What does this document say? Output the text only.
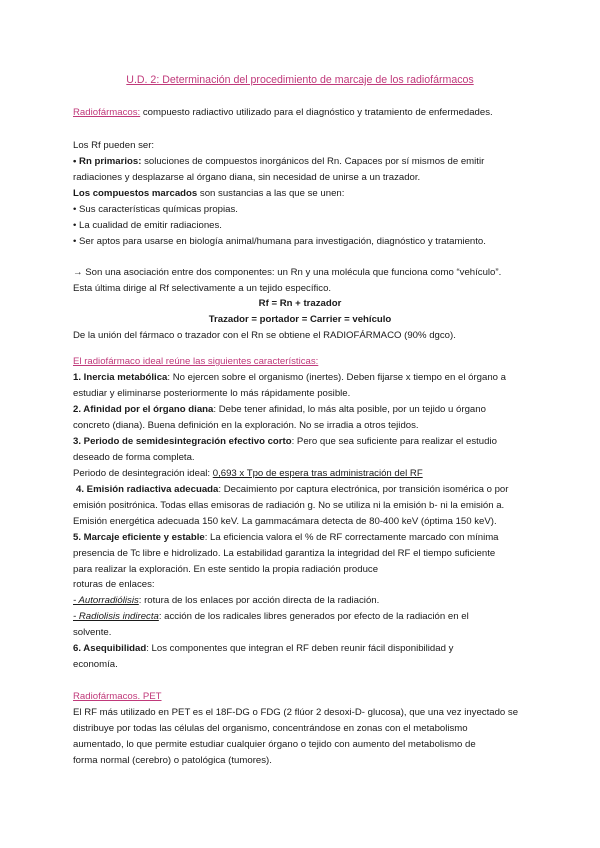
U.D. 2: Determinación del procedimiento de marcaje de los radiofármacos
Radiofármacos: compuesto radiactivo utilizado para el diagnóstico y tratamiento de enfermedades.
Los Rf pueden ser:
• Rn primarios: soluciones de compuestos inorgánicos del Rn. Capaces por sí mismos de emitir
radiaciones y desplazarse al órgano diana, sin necesidad de unirse a un trazador.
Los compuestos marcados son sustancias a las que se unen:
• Sus características químicas propias.
• La cualidad de emitir radiaciones.
• Ser aptos para usarse en biología animal/humana para investigación, diagnóstico y tratamiento.
→ Son una asociación entre dos componentes: un Rn y una molécula que funciona como “vehículo”.
Esta última dirige al Rf selectivamente a un tejido específico.
Rf = Rn + trazador
Trazador = portador = Carrier = vehículo
De la unión del fármaco o trazador con el Rn se obtiene el RADIOFÁRMACO (90% dgco).
El radiofármaco ideal reúne las siguientes características:
1. Inercia metabólica: No ejercen sobre el organismo (inertes). Deben fijarse x tiempo en el órgano a
estudiar y eliminarse posteriormente lo más rápidamente posible.
2. Afinidad por el órgano diana: Debe tener afinidad, lo más alta posible, por un tejido u órgano
concreto (diana). Buena definición en la exploración. No se irradia a otros tejidos.
3. Periodo de semidesintegración efectivo corto: Pero que sea suficiente para realizar el estudio
deseado de forma completa.
Periodo de desintegración ideal: 0,693 x Tpo de espera tras administración del RF
4. Emisión radiactiva adecuada: Decaimiento por captura electrónica, por transición isomérica o por
emisión positrónica. Todas ellas emisoras de radiación g. No se utiliza ni la emisión b- ni la emisión a.
Emisión energética adecuada 150 keV. La gammacámara detecta de 80-400 keV (óptima 150 keV).
5. Marcaje eficiente y estable: La eficiencia valora el % de RF correctamente marcado con mínima
presencia de Tc libre e hidrolizado. La estabilidad garantiza la integridad del RF el tiempo suficiente
para realizar la exploración. En este sentido la propia radiación produce
roturas de enlaces:
- Autorradiólisis: rotura de los enlaces por acción directa de la radiación.
- Radiolisis indirecta: acción de los radicales libres generados por efecto de la radiación en el
solvente.
6. Asequibilidad: Los componentes que integran el RF deben reunir fácil disponibilidad y
economía.
Radiofármacos. PET
El RF más utilizado en PET es el 18F-DG o FDG (2 flúor 2 desoxi-D- glucosa), que una vez inyectado se
distribuye por todas las células del organismo, concentrándose en zonas con el metabolismo
aumentado, lo que permite estudiar cualquier órgano o tejido con aumento del metabolismo de
forma normal (cerebro) o patológica (tumores).
